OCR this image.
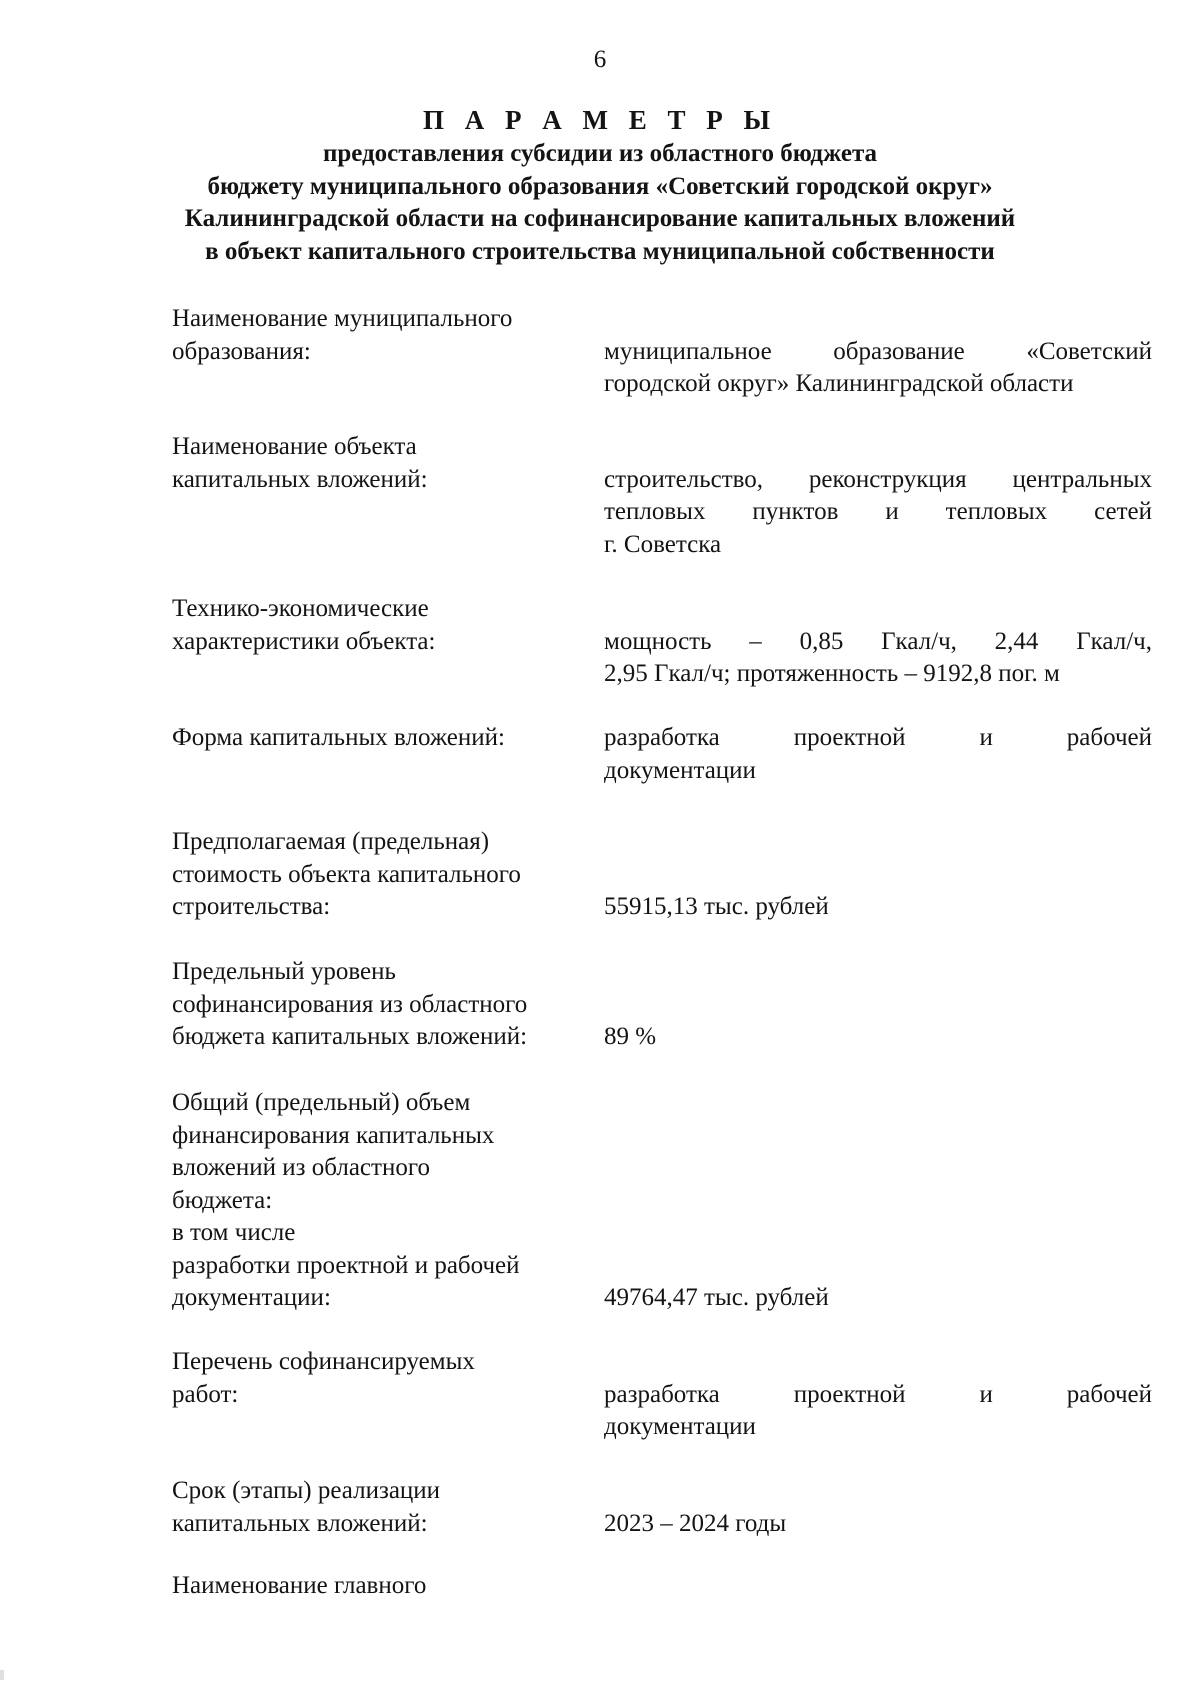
6
П А Р А М Е Т Р Ы
предоставления субсидии из областного бюджета
бюджету муниципального образования «Советский городской округ»
Калининградской области на софинансирование капитальных вложений
в объект капитального строительства муниципальной собственности
Наименование муниципального
образования:	муниципальное образование «Советский
городской округ» Калининградской области
Наименование объекта
капитальных вложений:	строительство, реконструкция центральных
тепловых пунктов и тепловых сетей
г. Советска
Технико-экономические
характеристики объекта:	мощность – 0,85 Гкал/ч, 2,44 Гкал/ч,
2,95 Гкал/ч; протяженность – 9192,8 пог. м
Форма капитальных вложений:	разработка проектной и рабочей
документации
Предполагаемая (предельная)
стоимость объекта капитального
строительства:	55915,13 тыс. рублей
Предельный уровень
софинансирования из областного
бюджета капитальных вложений:	89 %
Общий (предельный) объем
финансирования капитальных
вложений из областного
бюджета:
в том числе
разработки проектной и рабочей
документации:	49764,47 тыс. рублей
Перечень софинансируемых
работ:	разработка проектной и рабочей
документации
Срок (этапы) реализации
капитальных вложений:	2023 – 2024 годы
Наименование главного
